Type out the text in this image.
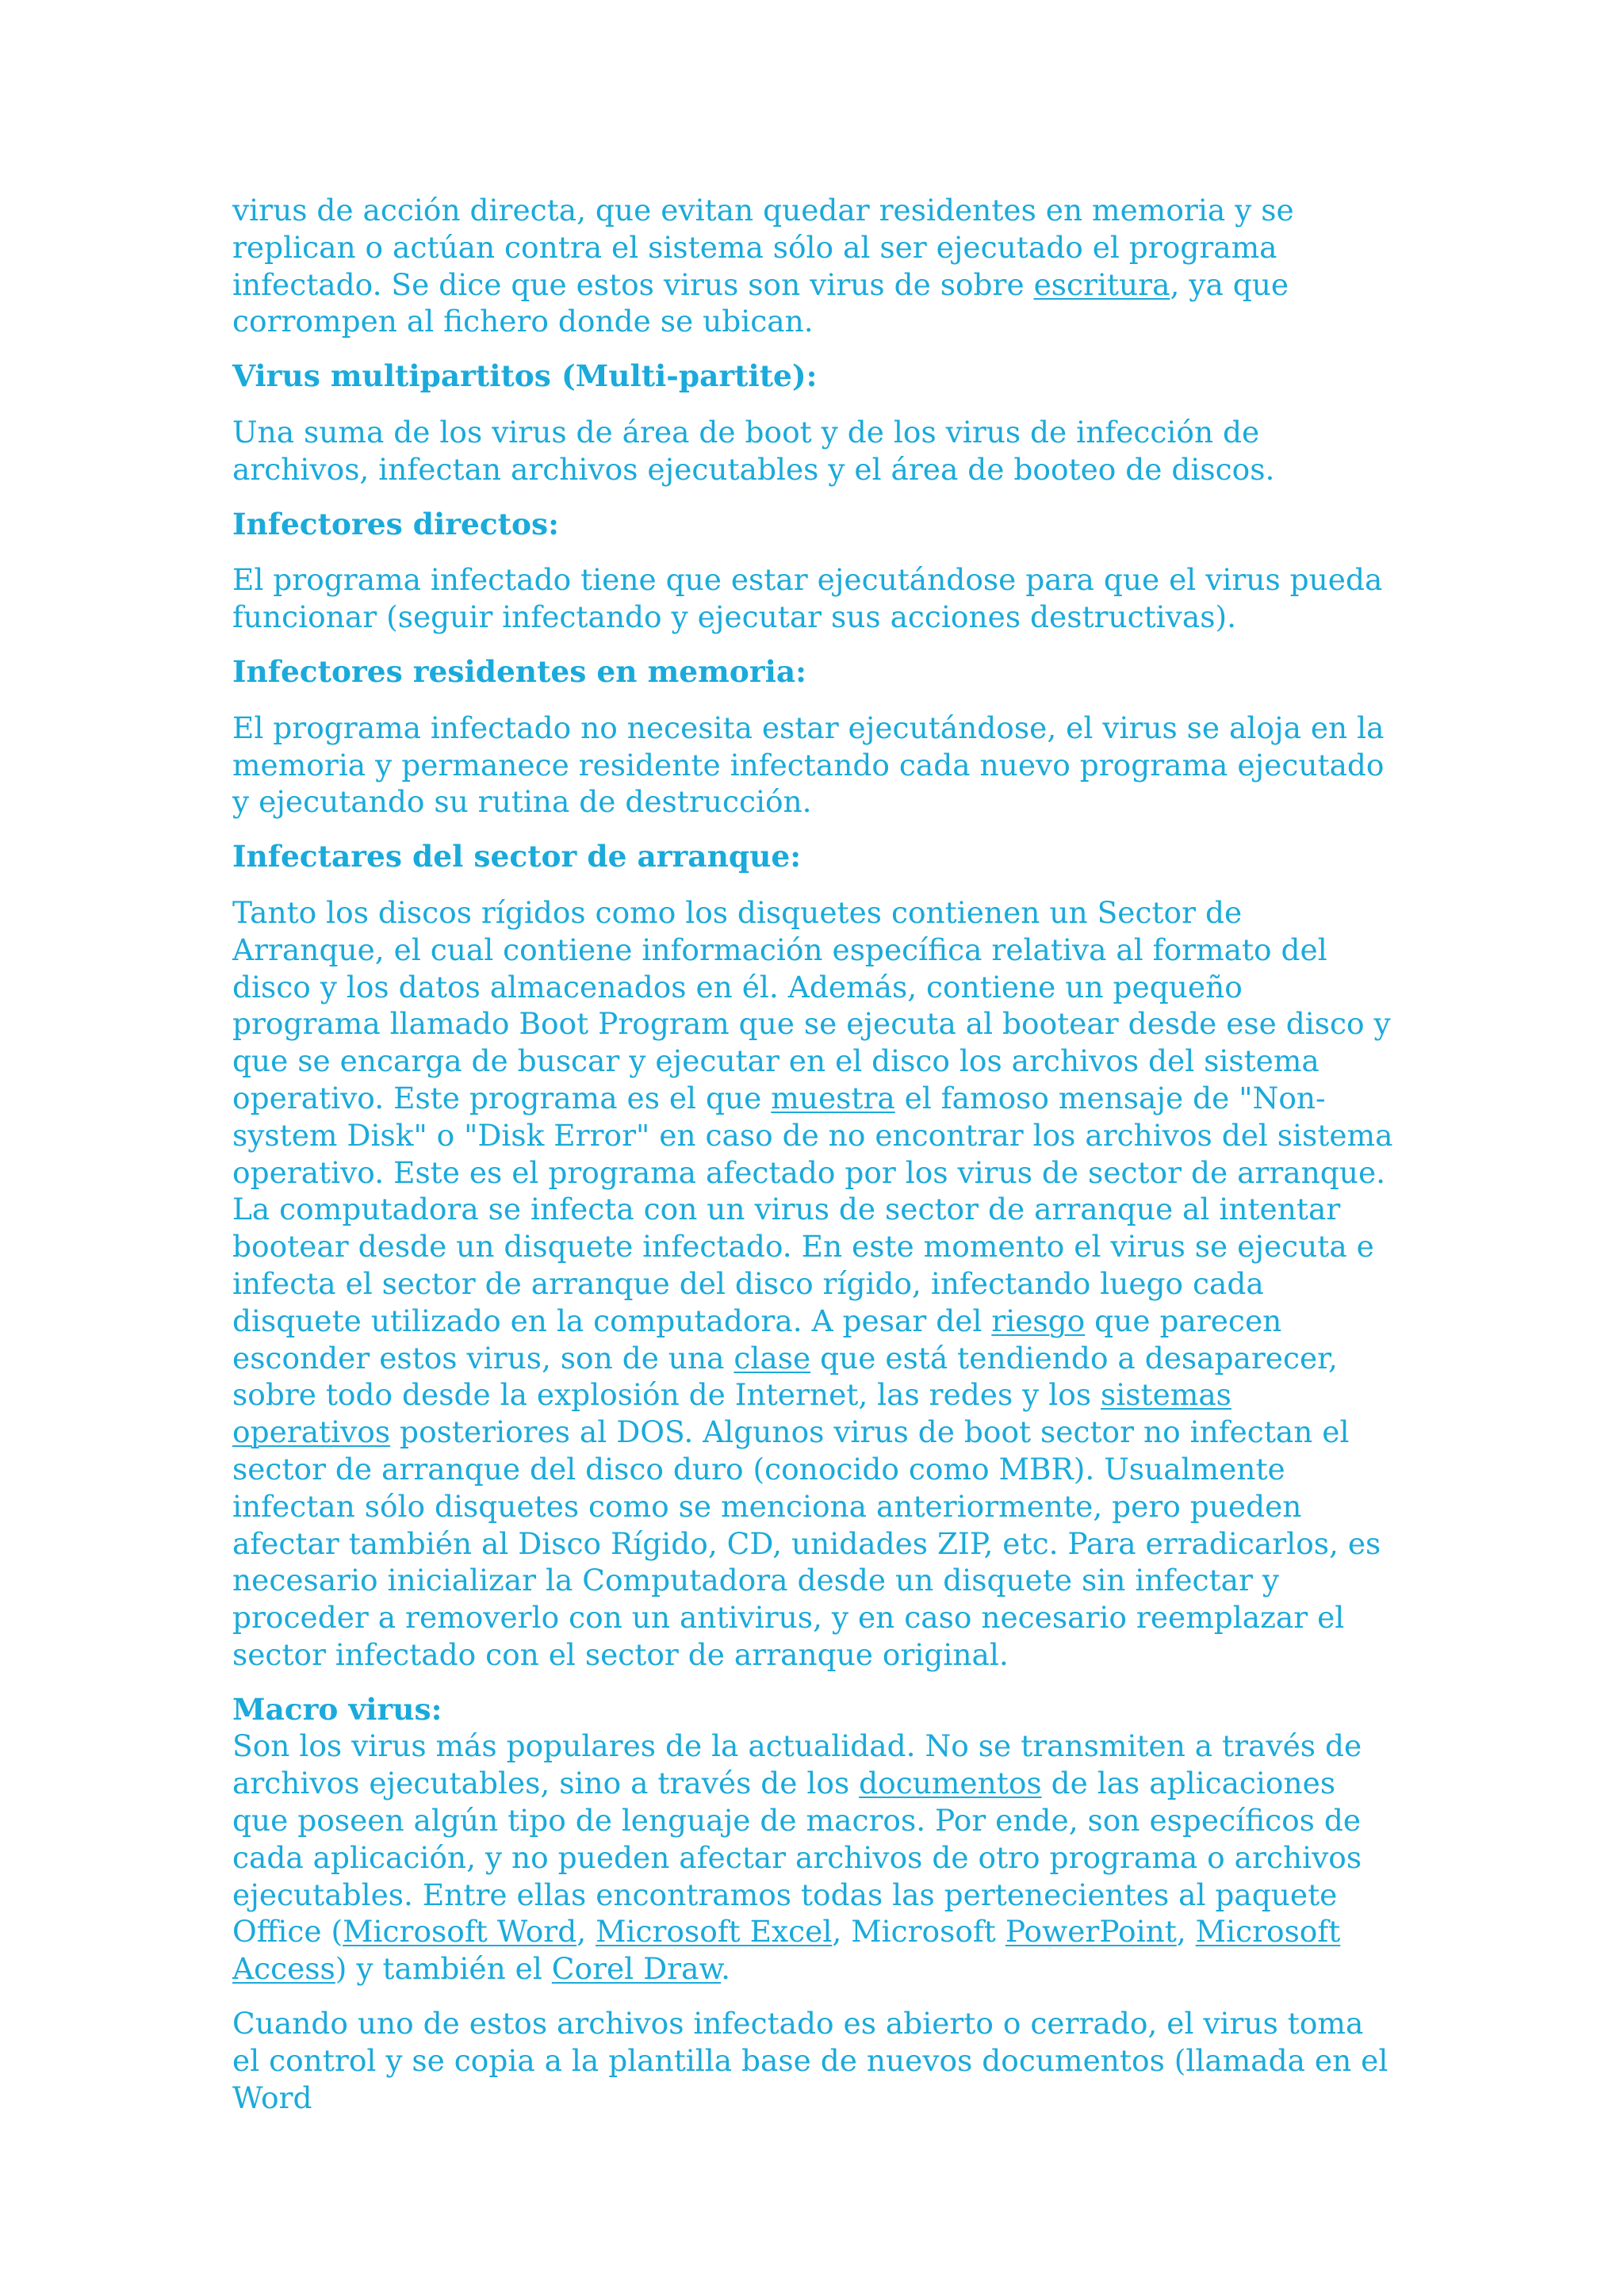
virus de acción directa, que evitan quedar residentes en memoria y se replican o actúan contra el sistema sólo al ser ejecutado el programa infectado. Se dice que estos virus son virus de sobre escritura, ya que corrompen al fichero donde se ubican.

Virus multipartitos (Multi-partite):

Una suma de los virus de área de boot y de los virus de infección de archivos, infectan archivos ejecutables y el área de booteo de discos.

Infectores directos:

El programa infectado tiene que estar ejecutándose para que el virus pueda funcionar (seguir infectando y ejecutar sus acciones destructivas).

Infectores residentes en memoria:

El programa infectado no necesita estar ejecutándose, el virus se aloja en la memoria y permanece residente infectando cada nuevo programa ejecutado y ejecutando su rutina de destrucción.

Infectares del sector de arranque:

Tanto los discos rígidos como los disquetes contienen un Sector de Arranque, el cual contiene información específica relativa al formato del disco y los datos almacenados en él. Además, contiene un pequeño programa llamado Boot Program que se ejecuta al bootear desde ese disco y que se encarga de buscar y ejecutar en el disco los archivos del sistema operativo. Este programa es el que muestra el famoso mensaje de "Non-system Disk" o "Disk Error" en caso de no encontrar los archivos del sistema operativo. Este es el programa afectado por los virus de sector de arranque. La computadora se infecta con un virus de sector de arranque al intentar bootear desde un disquete infectado. En este momento el virus se ejecuta e infecta el sector de arranque del disco rígido, infectando luego cada disquete utilizado en la computadora. A pesar del riesgo que parecen esconder estos virus, son de una clase que está tendiendo a desaparecer, sobre todo desde la explosión de Internet, las redes y los sistemas operativos posteriores al DOS. Algunos virus de boot sector no infectan el sector de arranque del disco duro (conocido como MBR). Usualmente infectan sólo disquetes como se menciona anteriormente, pero pueden afectar también al Disco Rígido, CD, unidades ZIP, etc. Para erradicarlos, es necesario inicializar la Computadora desde un disquete sin infectar y proceder a removerlo con un antivirus, y en caso necesario reemplazar el sector infectado con el sector de arranque original.

Macro virus:

Son los virus más populares de la actualidad. No se transmiten a través de archivos ejecutables, sino a través de los documentos de las aplicaciones que poseen algún tipo de lenguaje de macros. Por ende, son específicos de cada aplicación, y no pueden afectar archivos de otro programa o archivos ejecutables. Entre ellas encontramos todas las pertenecientes al paquete Office (Microsoft Word, Microsoft Excel, Microsoft PowerPoint, Microsoft Access) y también el Corel Draw.

Cuando uno de estos archivos infectado es abierto o cerrado, el virus toma el control y se copia a la plantilla base de nuevos documentos (llamada en el Word
